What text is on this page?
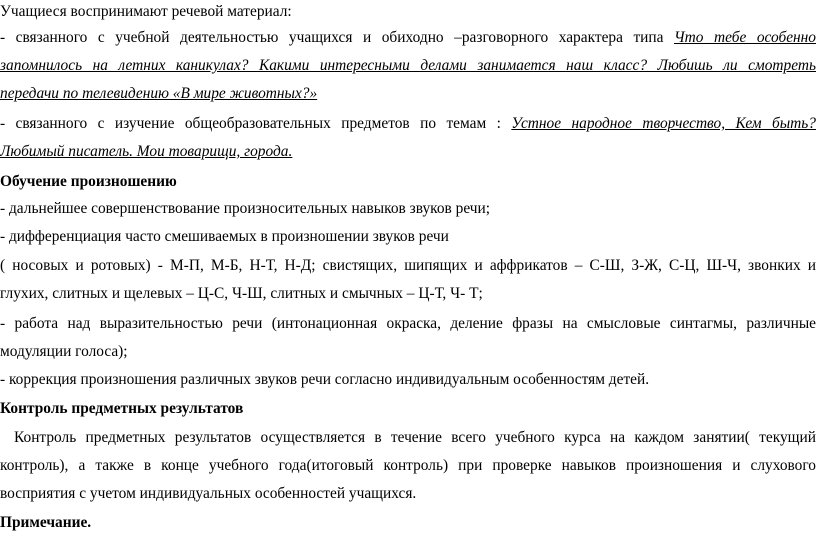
Учащиеся воспринимают речевой материал:
- связанного с учебной деятельностью учащихся и обиходно –разговорного характера типа Что тебе особенно
запомнилось на летних каникулах? Какими интересными делами занимается наш класс? Любишь ли смотреть
передачи по телевидению «В мире животных?»
- связанного с изучение общеобразовательных предметов по темам : Устное народное творчество, Кем быть?
Любимый писатель. Мои товарищи, города.
Обучение произношению
- дальнейшее совершенствование произносительных навыков звуков речи;
- дифференциация часто смешиваемых в произношении звуков речи
( носовых и ротовых) - М-П, М-Б, Н-Т, Н-Д; свистящих, шипящих и аффрикатов – С-Ш, З-Ж, С-Ц, Ш-Ч, звонких и
глухих, слитных и щелевых – Ц-С, Ч-Ш, слитных и смычных – Ц-Т, Ч- Т;
- работа над выразительностью речи (интонационная окраска, деление фразы на смысловые синтагмы, различные
модуляции голоса);
- коррекция произношения различных звуков речи согласно индивидуальным особенностям детей.
Контроль предметных результатов
Контроль предметных результатов осуществляется в течение всего учебного курса на каждом занятии( текущий
контроль), а также в конце учебного года(итоговый контроль) при проверке навыков произношения и слухового
восприятия с учетом индивидуальных особенностей учащихся.
Примечание.
